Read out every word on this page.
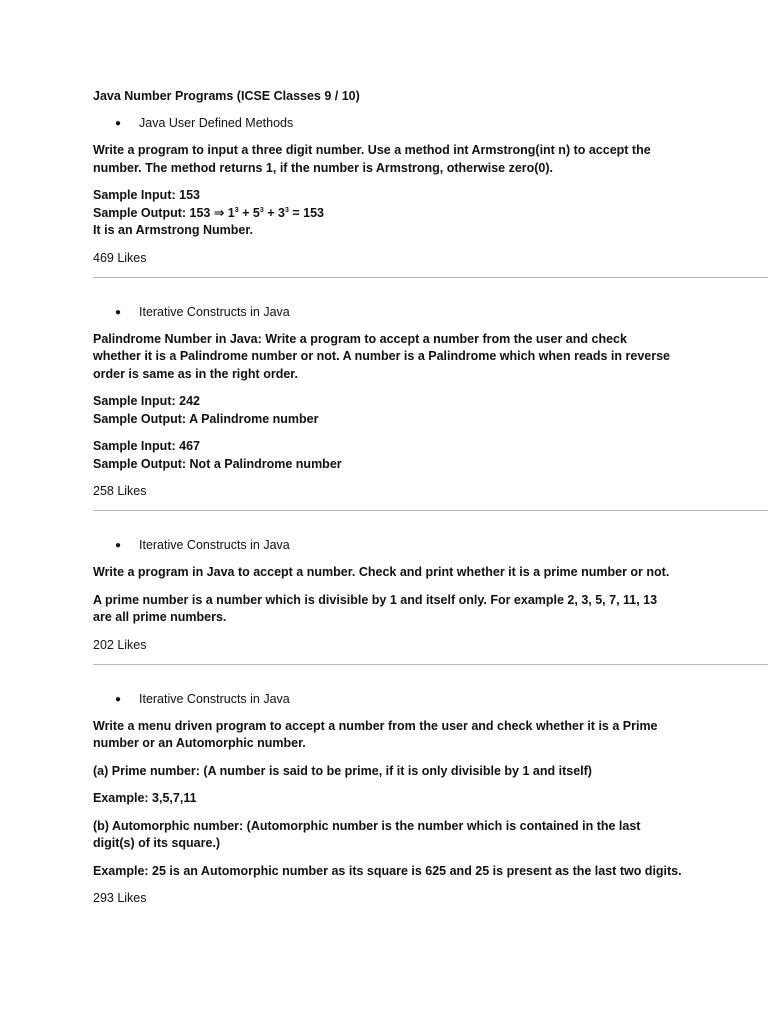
Java Number Programs (ICSE Classes 9 / 10)

●	Java User Defined Methods

Write a program to input a three digit number. Use a method int Armstrong(int n) to accept the number. The method returns 1, if the number is Armstrong, otherwise zero(0).

Sample Input: 153
Sample Output: 153 ⇒ $1^3 + 5^3 + 3^3 = 153$
It is an Armstrong Number.

469 Likes

●	Iterative Constructs in Java

Palindrome Number in Java: Write a program to accept a number from the user and check whether it is a Palindrome number or not. A number is a Palindrome which when reads in reverse order is same as in the right order.

Sample Input: 242
Sample Output: A Palindrome number
Sample Input: 467
Sample Output: Not a Palindrome number

258 Likes

●	Iterative Constructs in Java

Write a program in Java to accept a number. Check and print whether it is a prime number or not.

A prime number is a number which is divisible by 1 and itself only. For example 2, 3, 5, 7, 11, 13 are all prime numbers.

202 Likes

●	Iterative Constructs in Java

Write a menu driven program to accept a number from the user and check whether it is a Prime number or an Automorphic number.

(a) Prime number: (A number is said to be prime, if it is only divisible by 1 and itself)

Example: 3,5,7,11

(b) Automorphic number: (Automorphic number is the number which is contained in the last digit(s) of its square.)

Example: 25 is an Automorphic number as its square is 625 and 25 is present as the last two digits.

293 Likes
